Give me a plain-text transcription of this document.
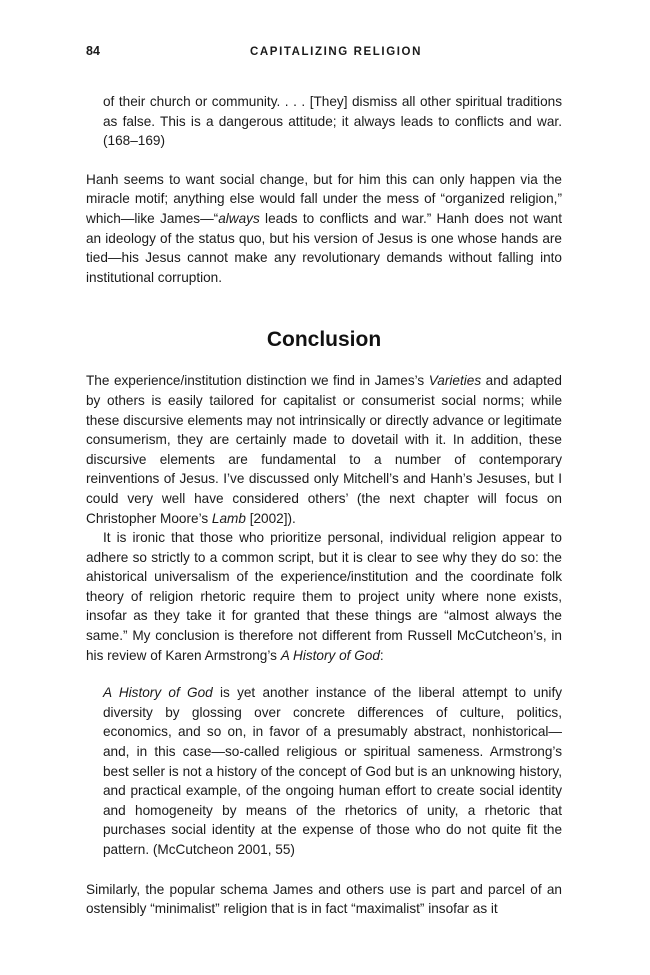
84	CAPITALIZING RELIGION

of their church or community. . . . [They] dismiss all other spiritual traditions as false. This is a dangerous attitude; it always leads to conflicts and war. (168–169)

Hanh seems to want social change, but for him this can only happen via the miracle motif; anything else would fall under the mess of “organized religion,” which—like James—“always leads to conflicts and war.” Hanh does not want an ideology of the status quo, but his version of Jesus is one whose hands are tied—his Jesus cannot make any revolutionary demands without falling into institutional corruption.

Conclusion

The experience/institution distinction we find in James’s Varieties and adapted by others is easily tailored for capitalist or consumerist social norms; while these discursive elements may not intrinsically or directly advance or legitimate consumerism, they are certainly made to dovetail with it. In addition, these discursive elements are fundamental to a number of contemporary reinventions of Jesus. I’ve discussed only Mitchell’s and Hanh’s Jesuses, but I could very well have considered others’ (the next chapter will focus on Christopher Moore’s Lamb [2002]).

It is ironic that those who prioritize personal, individual religion appear to adhere so strictly to a common script, but it is clear to see why they do so: the ahistorical universalism of the experience/institution and the coordinate folk theory of religion rhetoric require them to project unity where none exists, insofar as they take it for granted that these things are “almost always the same.” My conclusion is therefore not different from Russell McCutcheon’s, in his review of Karen Armstrong’s A History of God:

A History of God is yet another instance of the liberal attempt to unify diversity by glossing over concrete differences of culture, politics, economics, and so on, in favor of a presumably abstract, nonhistorical—and, in this case—so-called religious or spiritual sameness. Armstrong’s best seller is not a history of the concept of God but is an unknowing history, and practical example, of the ongoing human effort to create social identity and homogeneity by means of the rhetorics of unity, a rhetoric that purchases social identity at the expense of those who do not quite fit the pattern. (McCutcheon 2001, 55)

Similarly, the popular schema James and others use is part and parcel of an ostensibly “minimalist” religion that is in fact “maximalist” insofar as it
